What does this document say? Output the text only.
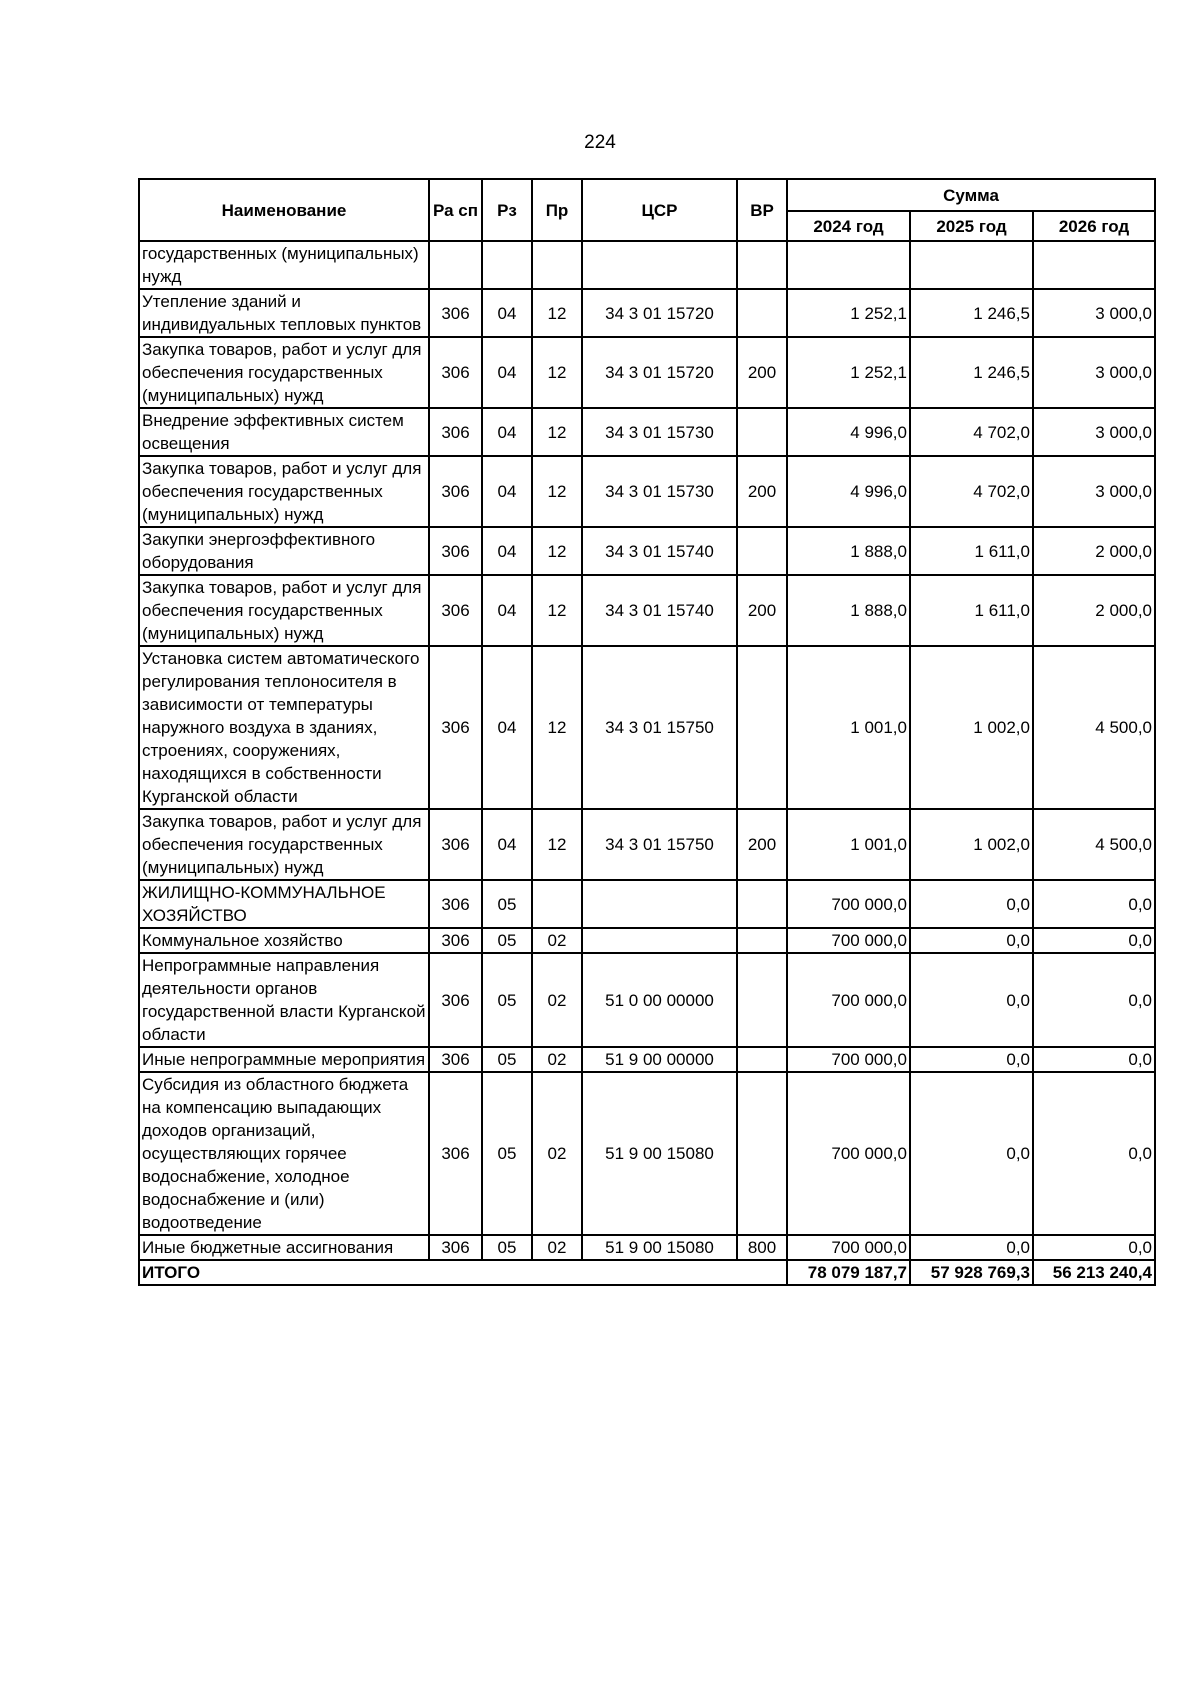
224
Наименование	Ра сп	Рз	Пр	ЦСР	ВР	Сумма		
						2024 год	2025 год	2026 год
государственных (муниципальных) нужд								
Утепление зданий и индивидуальных тепловых пунктов	306	04	12	34 3 01 15720		1 252,1	1 246,5	3 000,0
Закупка товаров, работ и услуг для обеспечения государственных (муниципальных) нужд	306	04	12	34 3 01 15720	200	1 252,1	1 246,5	3 000,0
Внедрение эффективных систем освещения	306	04	12	34 3 01 15730		4 996,0	4 702,0	3 000,0
Закупка товаров, работ и услуг для обеспечения государственных (муниципальных) нужд	306	04	12	34 3 01 15730	200	4 996,0	4 702,0	3 000,0
Закупки энергоэффективного оборудования	306	04	12	34 3 01 15740		1 888,0	1 611,0	2 000,0
Закупка товаров, работ и услуг для обеспечения государственных (муниципальных) нужд	306	04	12	34 3 01 15740	200	1 888,0	1 611,0	2 000,0
Установка систем автоматического регулирования теплоносителя в зависимости от температуры наружного воздуха в зданиях, строениях, сооружениях, находящихся в собственности Курганской области	306	04	12	34 3 01 15750		1 001,0	1 002,0	4 500,0
Закупка товаров, работ и услуг для обеспечения государственных (муниципальных) нужд	306	04	12	34 3 01 15750	200	1 001,0	1 002,0	4 500,0
ЖИЛИЩНО-КОММУНАЛЬНОЕ ХОЗЯЙСТВО	306	05				700 000,0	0,0	0,0
Коммунальное хозяйство	306	05	02			700 000,0	0,0	0,0
Непрограммные направления деятельности органов государственной власти Курганской области	306	05	02	51 0 00 00000		700 000,0	0,0	0,0
Иные непрограммные мероприятия	306	05	02	51 9 00 00000		700 000,0	0,0	0,0
Субсидия из областного бюджета на компенсацию выпадающих доходов организаций, осуществляющих горячее водоснабжение, холодное водоснабжение и (или) водоотведение	306	05	02	51 9 00 15080		700 000,0	0,0	0,0
Иные бюджетные ассигнования	306	05	02	51 9 00 15080	800	700 000,0	0,0	0,0
ИТОГО						78 079 187,7	57 928 769,3	56 213 240,4
